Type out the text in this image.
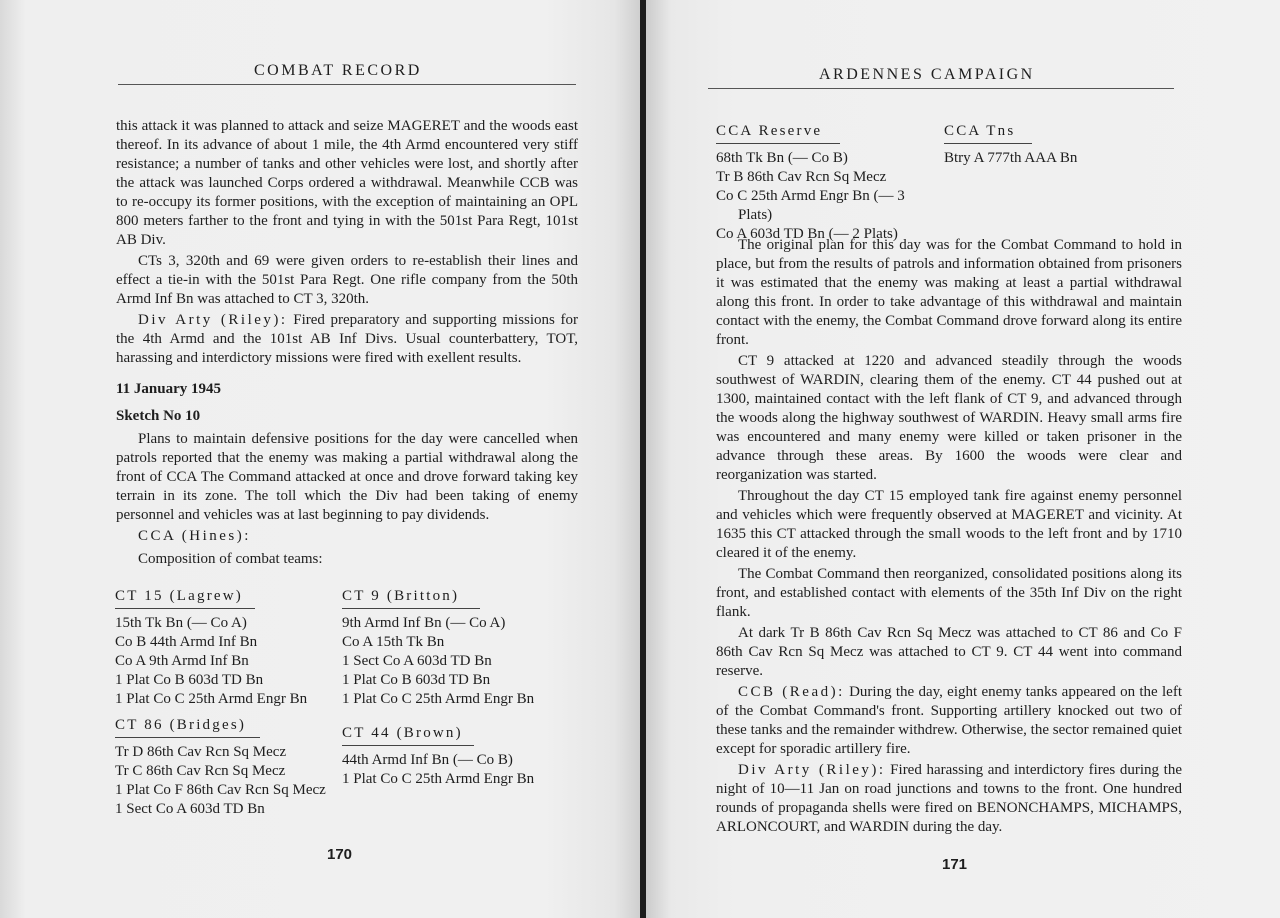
COMBAT RECORD

this attack it was planned to attack and seize MAGERET and the woods east thereof. In its advance of about 1 mile, the 4th Armd encountered very stiff resistance; a number of tanks and other vehicles were lost, and shortly after the attack was launched Corps ordered a withdrawal. Meanwhile CCB was to re-occupy its former positions, with the exception of maintaining an OPL 800 meters farther to the front and tying in with the 501st Para Regt, 101st AB Div.

CTs 3, 320th and 69 were given orders to re-establish their lines and effect a tie-in with the 501st Para Regt. One rifle company from the 50th Armd Inf Bn was attached to CT 3, 320th.

Div Arty (Riley): Fired preparatory and supporting missions for the 4th Armd and the 101st AB Inf Divs. Usual counterbattery, TOT, harassing and interdictory missions were fired with exellent results.

11 January 1945

Sketch No 10

Plans to maintain defensive positions for the day were cancelled when patrols reported that the enemy was making a partial withdrawal along the front of CCA The Command attacked at once and drove forward taking key terrain in its zone. The toll which the Div had been taking of enemy personnel and vehicles was at last beginning to pay dividends.

CCA (Hines):

Composition of combat teams:

CT 15 (Lagrew)

15th Tk Bn (— Co A)

Co B 44th Armd Inf Bn

Co A 9th Armd Inf Bn

1 Plat Co B 603d TD Bn

1 Plat Co C 25th Armd Engr Bn

CT 9 (Britton)

9th Armd Inf Bn (— Co A)

Co A 15th Tk Bn

1 Sect Co A 603d TD Bn

1 Plat Co B 603d TD Bn

1 Plat Co C 25th Armd Engr Bn

CT 86 (Bridges)

Tr D 86th Cav Rcn Sq Mecz

Tr C 86th Cav Rcn Sq Mecz

1 Plat Co F 86th Cav Rcn Sq Mecz

1 Sect Co A 603d TD Bn

CT 44 (Brown)

44th Armd Inf Bn (— Co B)

1 Plat Co C 25th Armd Engr Bn

170
ARDENNES CAMPAIGN
CCA Reserve

68th Tk Bn (— Co B)

Tr B 86th Cav Rcn Sq Mecz

Co C 25th Armd Engr Bn (— 3 Plats)

Co A 603d TD Bn (— 2 Plats)

CCA Tns

Btry A 777th AAA Bn

The original plan for this day was for the Combat Command to hold in place, but from the results of patrols and information obtained from prisoners it was estimated that the enemy was making at least a partial withdrawal along this front. In order to take advantage of this withdrawal and maintain contact with the enemy, the Combat Command drove forward along its entire front.

CT 9 attacked at 1220 and advanced steadily through the woods southwest of WARDIN, clearing them of the enemy. CT 44 pushed out at 1300, maintained contact with the left flank of CT 9, and advanced through the woods along the highway southwest of WARDIN. Heavy small arms fire was encountered and many enemy were killed or taken prisoner in the advance through these areas. By 1600 the woods were clear and reorganization was started.

Throughout the day CT 15 employed tank fire against enemy personnel and vehicles which were frequently observed at MAGERET and vicinity. At 1635 this CT attacked through the small woods to the left front and by 1710 cleared it of the enemy.

The Combat Command then reorganized, consolidated positions along its front, and established contact with elements of the 35th Inf Div on the right flank.

At dark Tr B 86th Cav Rcn Sq Mecz was attached to CT 86 and Co F 86th Cav Rcn Sq Mecz was attached to CT 9. CT 44 went into command reserve.

CCB (Read): During the day, eight enemy tanks appeared on the left of the Combat Command's front. Supporting artillery knocked out two of these tanks and the remainder withdrew. Otherwise, the sector remained quiet except for sporadic artillery fire.

Div Arty (Riley): Fired harassing and interdictory fires during the night of 10—11 Jan on road junctions and towns to the front. One hundred rounds of propaganda shells were fired on BENONCHAMPS, MICHAMPS, ARLONCOURT, and WARDIN during the day.

171
